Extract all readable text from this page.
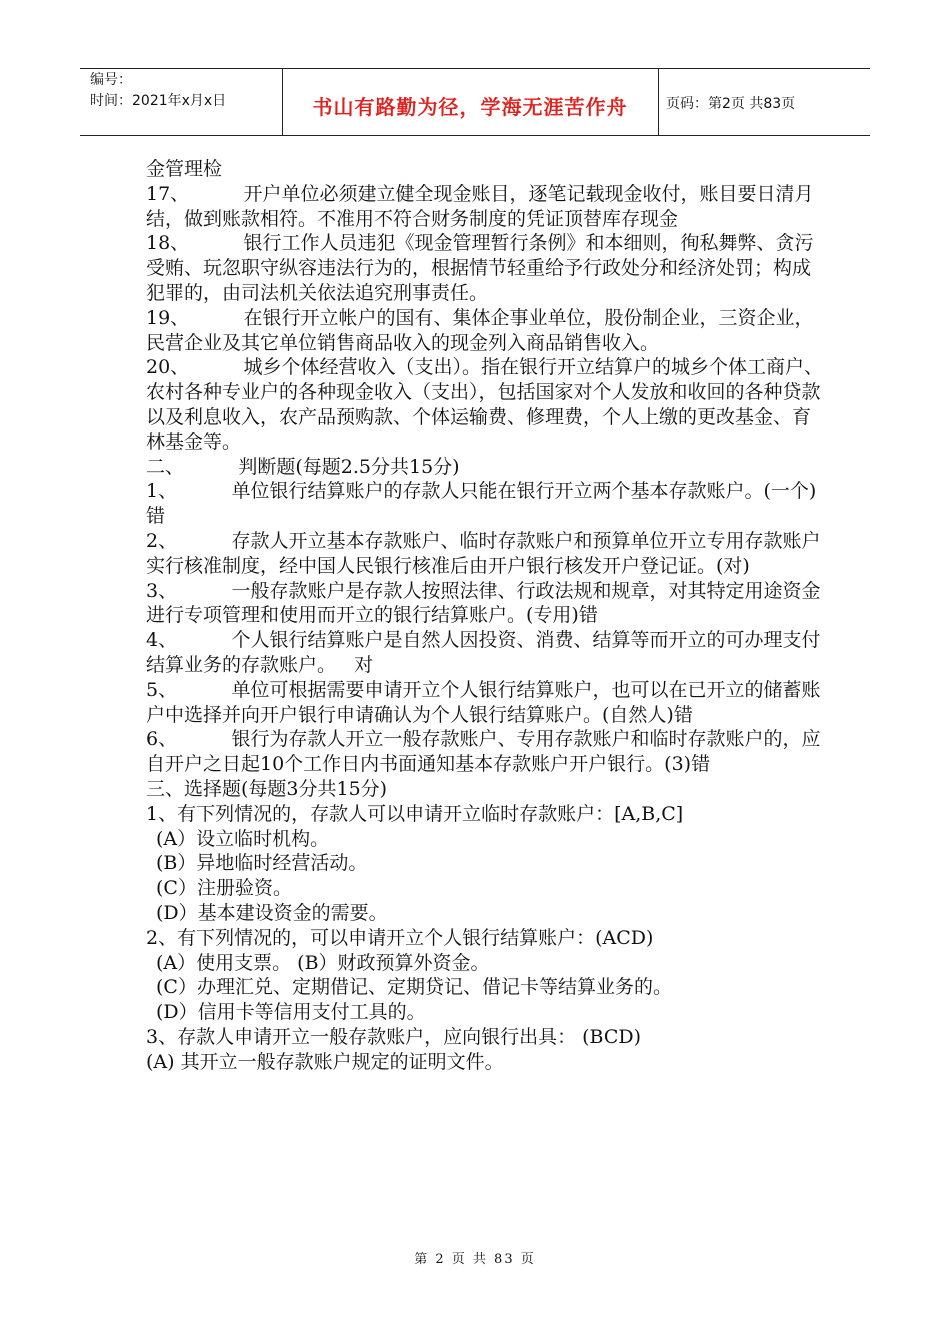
编号：
时间：2021年x月x日	书山有路勤为径，学海无涯苦作舟	页码：第2页 共83页

金管理检

17、         开户单位必须建立健全现金账目，逐笔记载现金收付，账目要日清月结，做到账款相符。不准用不符合财务制度的凭证顶替库存现金

18、         银行工作人员违犯《现金管理暂行条例》和本细则，徇私舞弊、贪污受贿、玩忽职守纵容违法行为的，根据情节轻重给予行政处分和经济处罚；构成犯罪的，由司法机关依法追究刑事责任。

19、         在银行开立帐户的国有、集体企事业单位，股份制企业，三资企业，民营企业及其它单位销售商品收入的现金列入商品销售收入。

20、         城乡个体经营收入（支出）。指在银行开立结算户的城乡个体工商户、农村各种专业户的各种现金收入（支出），包括国家对个人发放和收回的各种贷款以及利息收入，农产品预购款、个体运输费、修理费，个人上缴的更改基金、育林基金等。

二、         判断题(每题2.5分共15分)

1、         单位银行结算账户的存款人只能在银行开立两个基本存款账户。(一个)  错

2、         存款人开立基本存款账户、临时存款账户和预算单位开立专用存款账户实行核准制度，经中国人民银行核准后由开户银行核发开户登记证。(对)

3、         一般存款账户是存款人按照法律、行政法规和规章，对其特定用途资金进行专项管理和使用而开立的银行结算账户。(专用)错

4、         个人银行结算账户是自然人因投资、消费、结算等而开立的可办理支付结算业务的存款账户。   对

5、         单位可根据需要申请开立个人银行结算账户，也可以在已开立的储蓄账户中选择并向开户银行申请确认为个人银行结算账户。(自然人)错

6、         银行为存款人开立一般存款账户、专用存款账户和临时存款账户的，应自开户之日起10个工作日内书面通知基本存款账户开户银行。(3)错

三、选择题(每题3分共15分)

1、有下列情况的，存款人可以申请开立临时存款账户：[A,B,C]

(A）设立临时机构。

(B）异地临时经营活动。

(C）注册验资。

(D）基本建设资金的需要。

2、有下列情况的，可以申请开立个人银行结算账户：(ACD)

(A）使用支票。 (B）财政预算外资金。

(C）办理汇兑、定期借记、定期贷记、借记卡等结算业务的。

(D）信用卡等信用支付工具的。

3、存款人申请开立一般存款账户，应向银行出具： (BCD)

(A) 其开立一般存款账户规定的证明文件。

第 2 页 共 83 页
